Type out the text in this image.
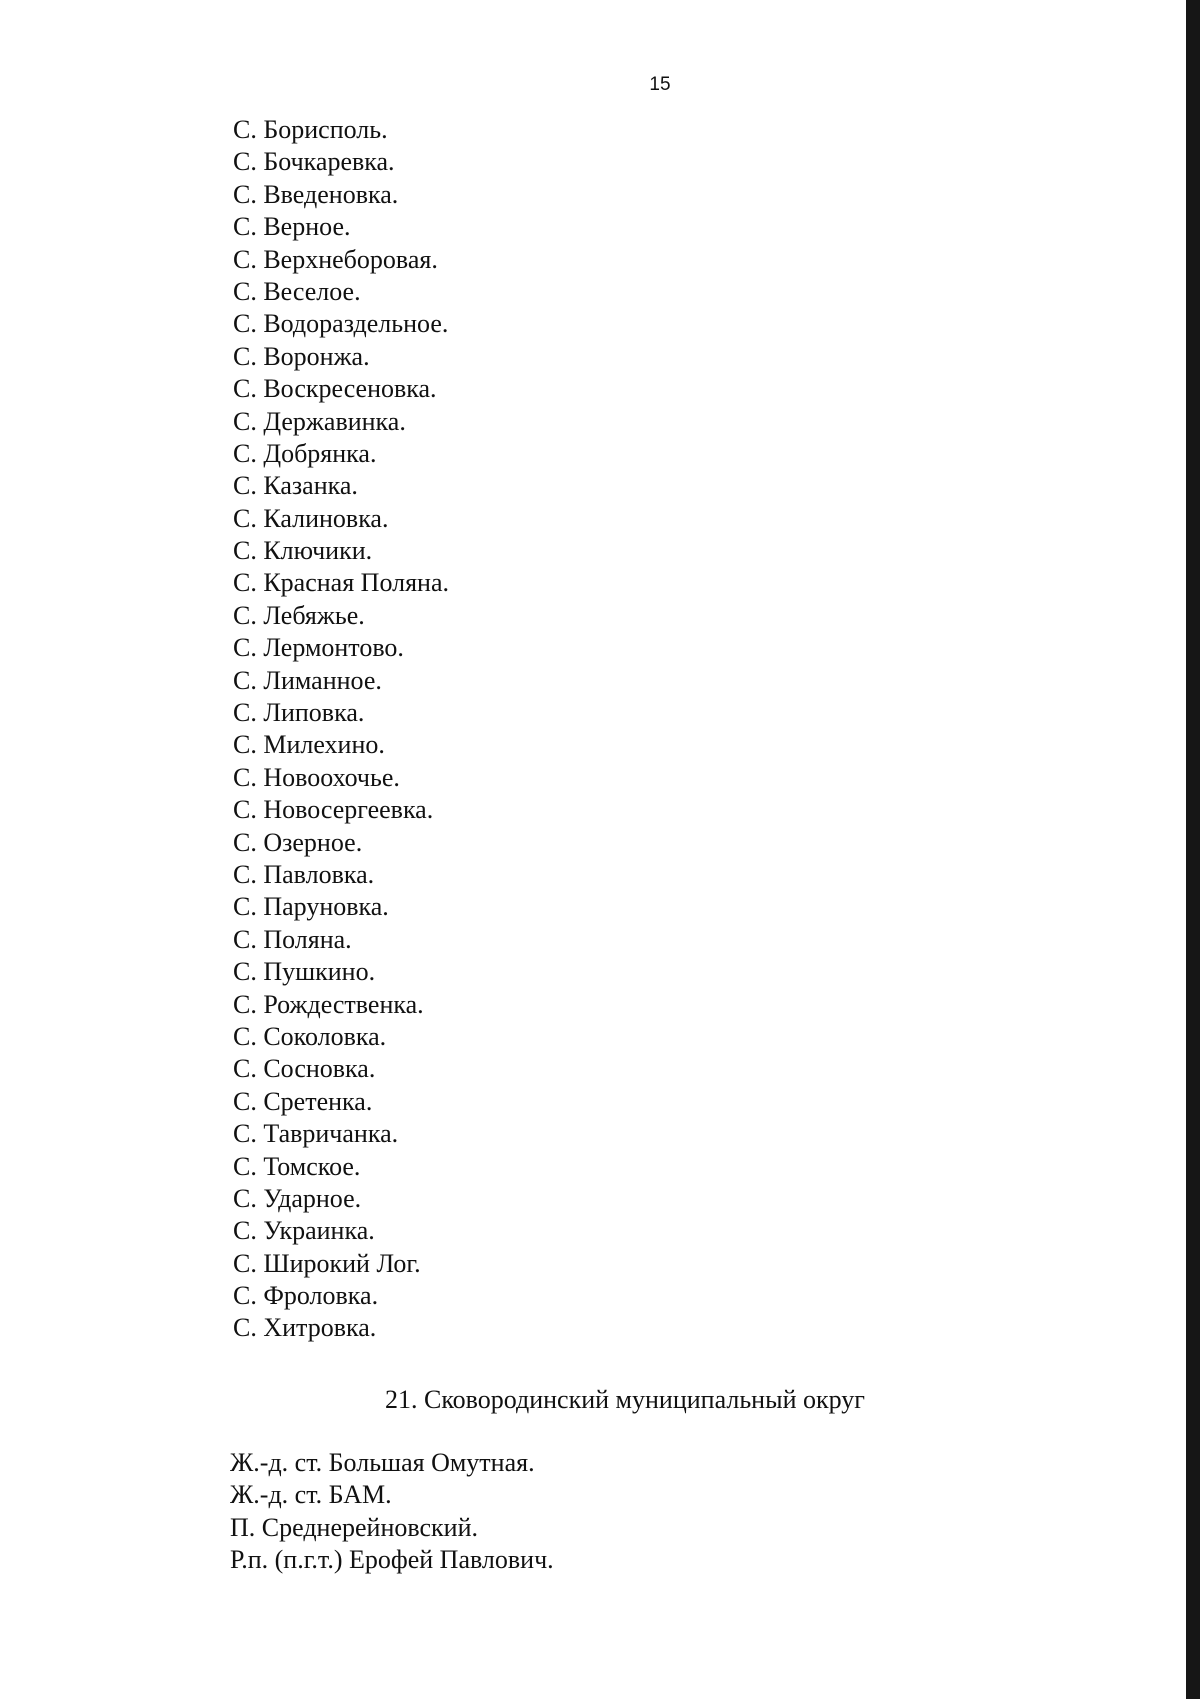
15
С. Борисполь.
С. Бочкаревка.
С. Введеновка.
С. Верное.
С. Верхнеборовая.
С. Веселое.
С. Водораздельное.
С. Воронжа.
С. Воскресеновка.
С. Державинка.
С. Добрянка.
С. Казанка.
С. Калиновка.
С. Ключики.
С. Красная Поляна.
С. Лебяжье.
С. Лермонтово.
С. Лиманное.
С. Липовка.
С. Милехино.
С. Новоохочье.
С. Новосергеевка.
С. Озерное.
С. Павловка.
С. Паруновка.
С. Поляна.
С. Пушкино.
С. Рождественка.
С. Соколовка.
С. Сосновка.
С. Сретенка.
С. Тавричанка.
С. Томское.
С. Ударное.
С. Украинка.
С. Широкий Лог.
С. Фроловка.
С. Хитровка.
21. Сковородинский муниципальный округ
Ж.-д. ст. Большая Омутная.
Ж.-д. ст. БАМ.
П. Среднерейновский.
Р.п. (п.г.т.) Ерофей Павлович.
